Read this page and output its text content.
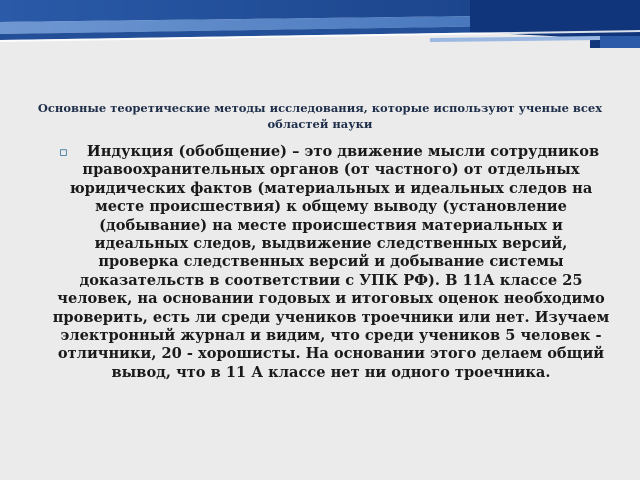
Основные теоретические методы исследования, которые используют ученые всех областей науки
▫	Индукция (обобщение) – это движение мысли сотрудников правоохранительных органов (от частного) от отдельных юридических фактов (материальных и идеальных следов на месте происшествия) к общему выводу (установление (добывание) на месте происшествия материальных и идеальных следов, выдвижение следственных версий, проверка следственных версий и добывание системы доказательств в соответствии с УПК РФ). В 11А классе 25 человек, на основании годовых и итоговых оценок необходимо проверить, есть ли среди учеников троечники или нет. Изучаем электронный журнал и видим, что среди учеников 5 человек - отличники, 20 - хорошисты. На основании этого делаем общий вывод, что в 11 А классе нет ни одного троечника.
